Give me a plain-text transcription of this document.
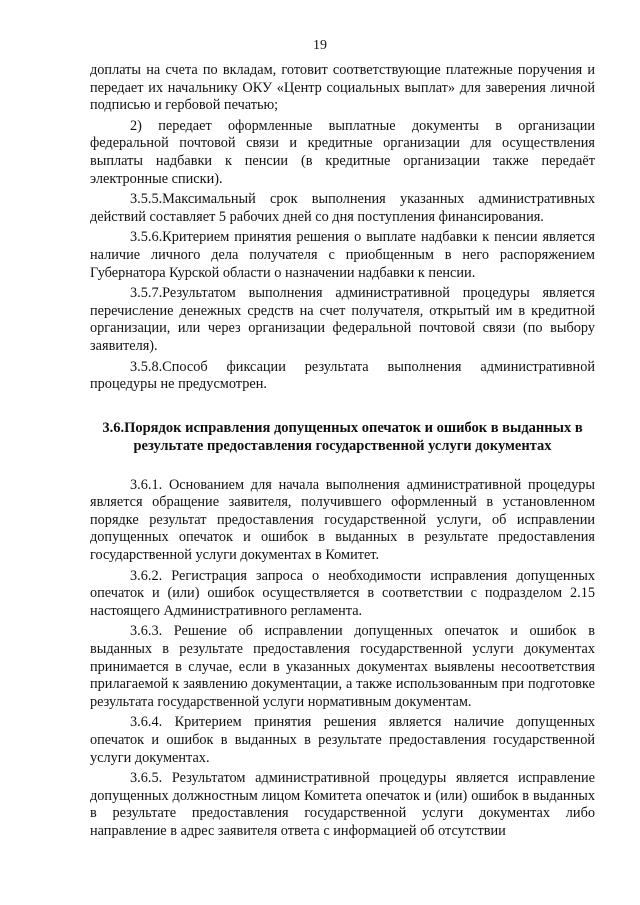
19

доплаты на счета по вкладам, готовит соответствующие платежные поручения и передает их начальнику ОКУ «Центр социальных выплат» для заверения личной подписью и гербовой печатью;

2) передает оформленные выплатные документы в организации федеральной почтовой связи и кредитные организации для осуществления выплаты надбавки к пенсии (в кредитные организации также передаёт электронные списки).

3.5.5.Максимальный срок выполнения указанных административных действий составляет 5 рабочих дней со дня поступления финансирования.

3.5.6.Критерием принятия решения о выплате надбавки к пенсии является наличие личного дела получателя с приобщенным в него распоряжением Губернатора Курской области о назначении надбавки к пенсии.

3.5.7.Результатом выполнения административной процедуры является перечисление денежных средств на счет получателя, открытый им в кредитной организации, или через организации федеральной почтовой связи (по выбору заявителя).

3.5.8.Способ фиксации результата выполнения административной процедуры не предусмотрен.

3.6.Порядок исправления допущенных опечаток и ошибок в выданных в результате предоставления государственной услуги документах

3.6.1. Основанием для начала выполнения административной процедуры является обращение заявителя, получившего оформленный в установленном порядке результат предоставления государственной услуги, об исправлении допущенных опечаток и ошибок в выданных в результате предоставления государственной услуги документах в Комитет.

3.6.2. Регистрация запроса о необходимости исправления допущенных опечаток и (или) ошибок осуществляется в соответствии с подразделом 2.15 настоящего Административного регламента.

3.6.3. Решение об исправлении допущенных опечаток и ошибок в выданных в результате предоставления государственной услуги документах принимается в случае, если в указанных документах выявлены несоответствия прилагаемой к заявлению документации, а также использованным при подготовке результата государственной услуги нормативным документам.

3.6.4. Критерием принятия решения является наличие допущенных опечаток и ошибок в выданных в результате предоставления государственной услуги документах.

3.6.5. Результатом административной процедуры является исправление допущенных должностным лицом Комитета опечаток и (или) ошибок в выданных в результате предоставления государственной услуги документах либо направление в адрес заявителя ответа с информацией об отсутствии
